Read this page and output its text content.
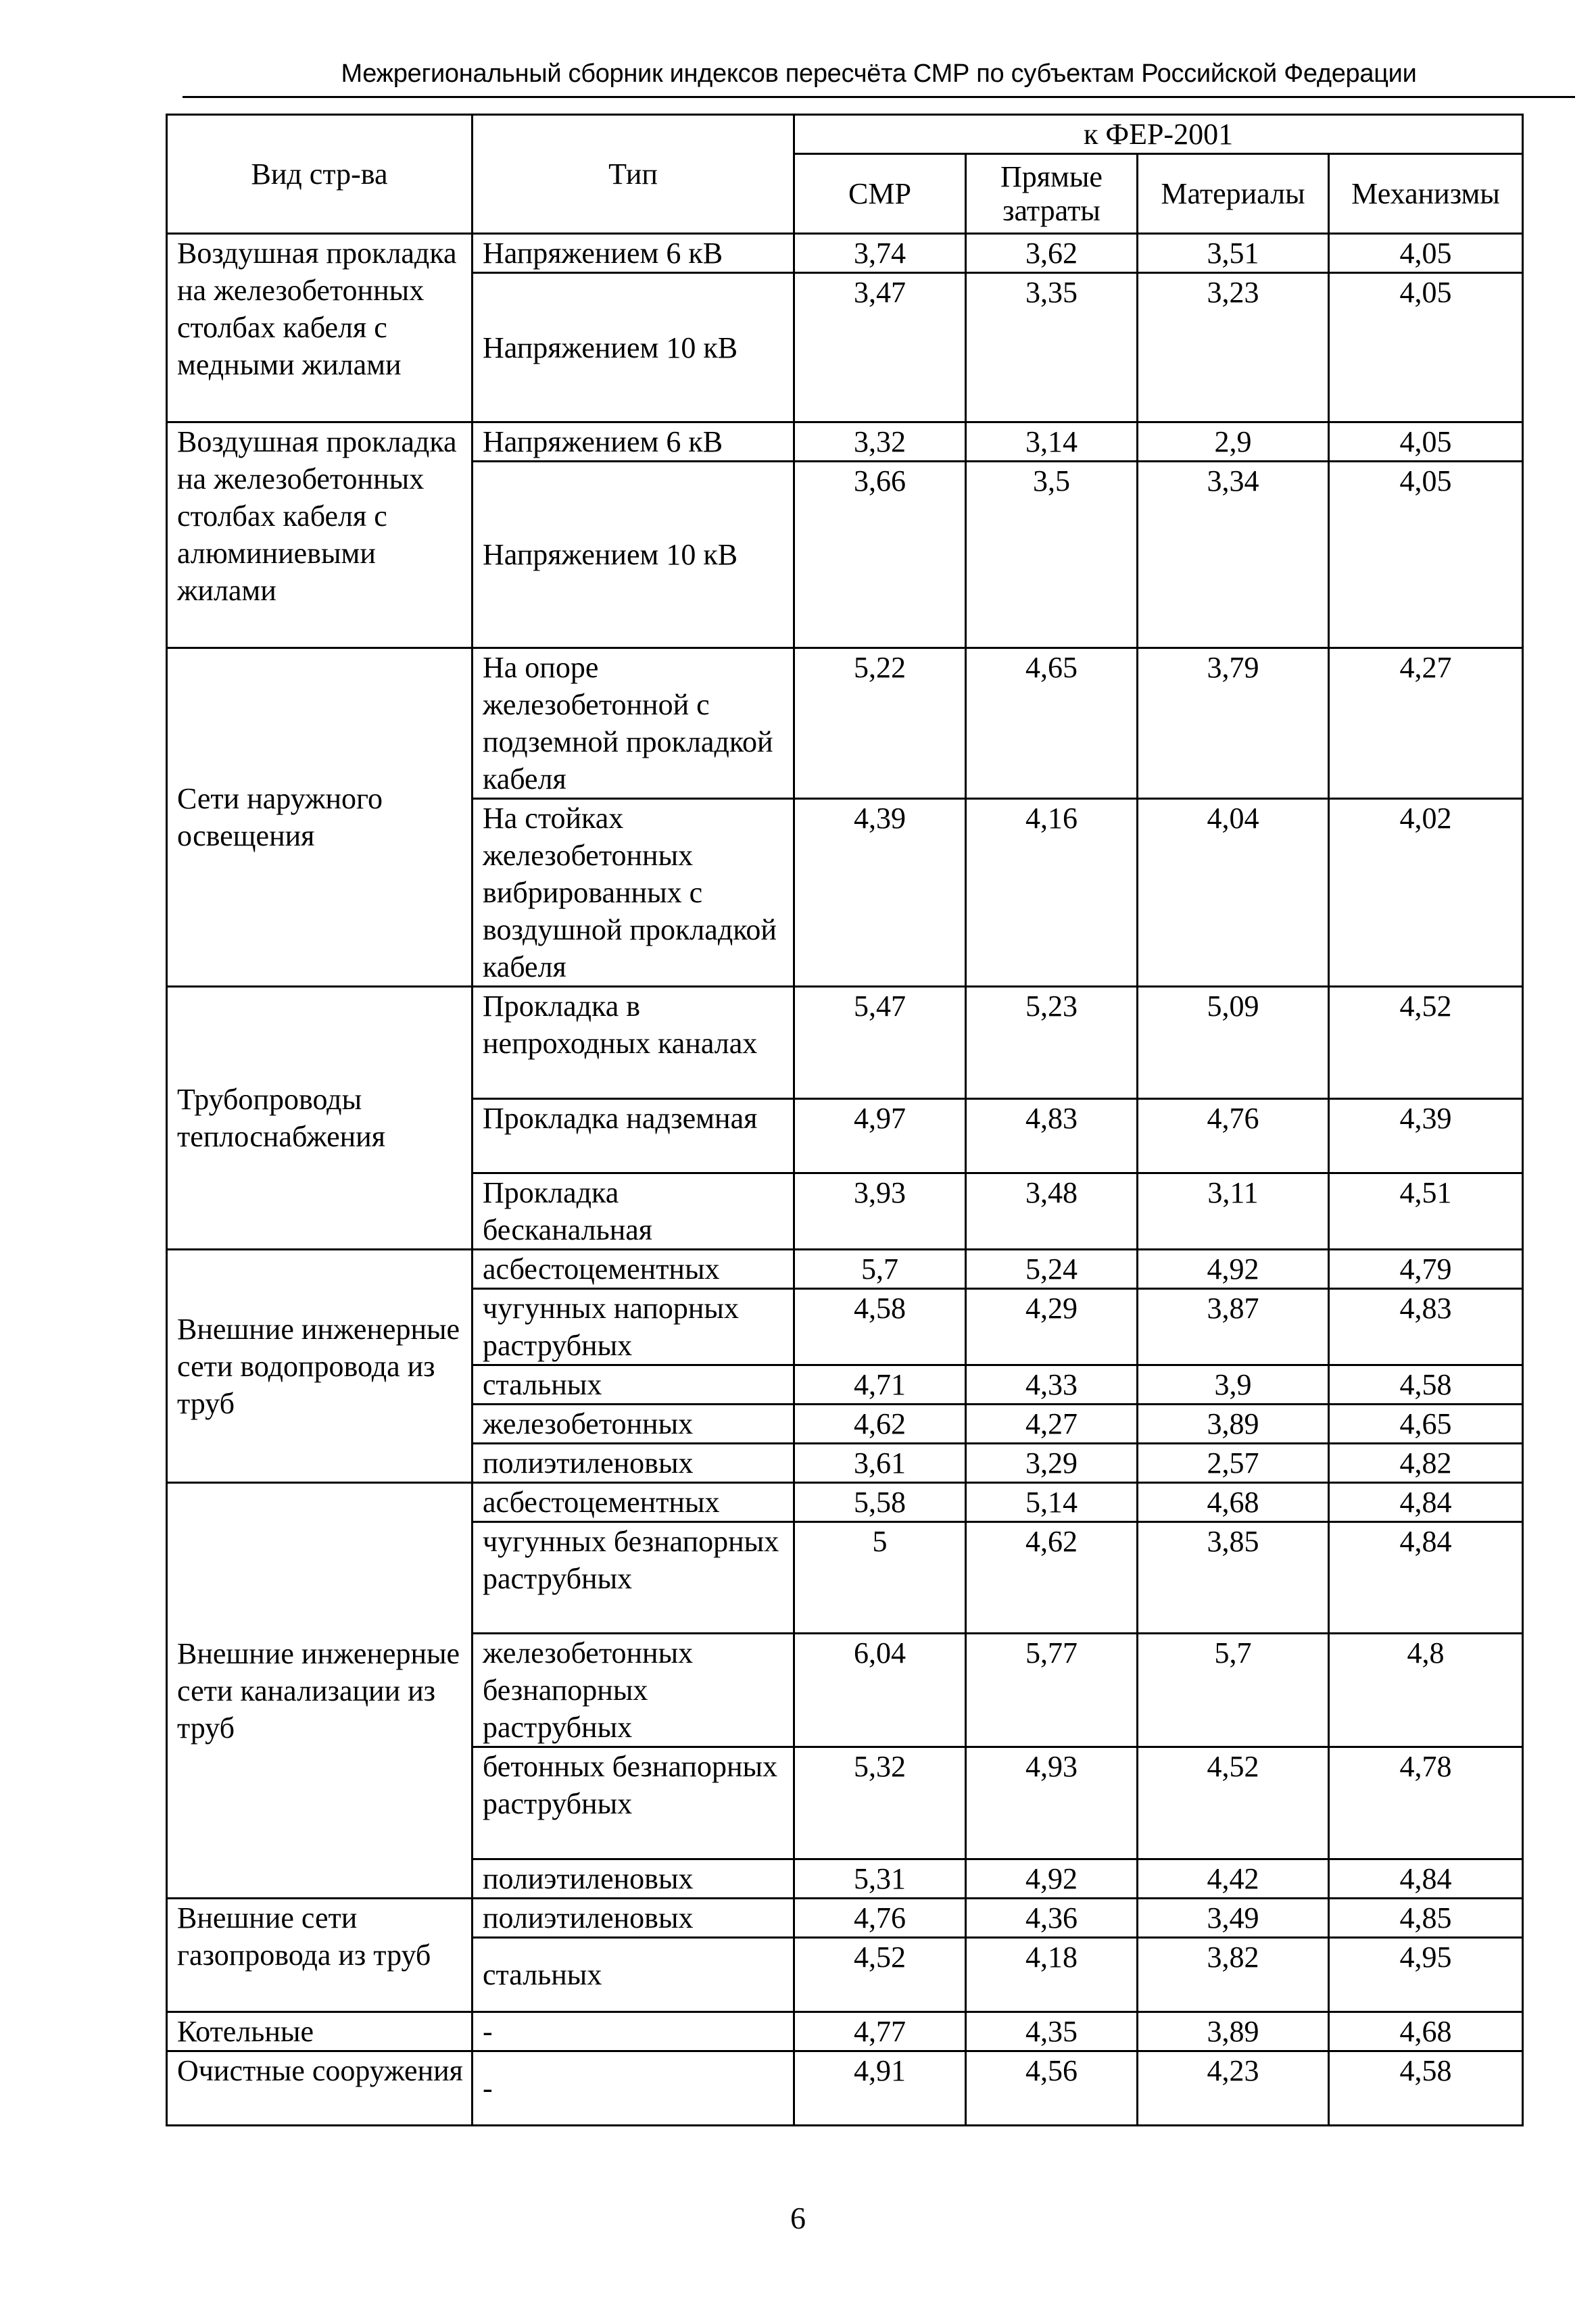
Межрегиональный сборник индексов пересчёта СМР по субъектам Российской Федерации
Вид стр-ва	Тип	к ФЕР-2001			
		СМР	Прямые затраты	Материалы	Механизмы
Воздушная прокладка на железобетонных столбах кабеля с медными жилами	Напряжением 6 кВ	3,74	3,62	3,51	4,05
	Напряжением 10 кВ	3,47	3,35	3,23	4,05
Воздушная прокладка на железобетонных столбах кабеля с алюминиевыми жилами	Напряжением 6 кВ	3,32	3,14	2,9	4,05
	Напряжением 10 кВ	3,66	3,5	3,34	4,05
Сети наружного освещения	На опоре железобетонной с подземной прокладкой кабеля	5,22	4,65	3,79	4,27
	На стойках железобетонных вибрированных с воздушной прокладкой кабеля	4,39	4,16	4,04	4,02
Трубопроводы теплоснабжения	Прокладка в непроходных каналах	5,47	5,23	5,09	4,52
	Прокладка надземная	4,97	4,83	4,76	4,39
	Прокладка бесканальная	3,93	3,48	3,11	4,51
Внешние инженерные сети водопровода из труб	асбестоцементных	5,7	5,24	4,92	4,79
	чугунных напорных раструбных	4,58	4,29	3,87	4,83
	стальных	4,71	4,33	3,9	4,58
	железобетонных	4,62	4,27	3,89	4,65
	полиэтиленовых	3,61	3,29	2,57	4,82
Внешние инженерные сети канализации из труб	асбестоцементных	5,58	5,14	4,68	4,84
	чугунных безнапорных раструбных	5	4,62	3,85	4,84
	железобетонных безнапорных раструбных	6,04	5,77	5,7	4,8
	бетонных безнапорных раструбных	5,32	4,93	4,52	4,78
	полиэтиленовых	5,31	4,92	4,42	4,84
Внешние сети газопровода из труб	полиэтиленовых	4,76	4,36	3,49	4,85
	стальных	4,52	4,18	3,82	4,95
Котельные	-	4,77	4,35	3,89	4,68
Очистные сооружения	-	4,91	4,56	4,23	4,58
6
